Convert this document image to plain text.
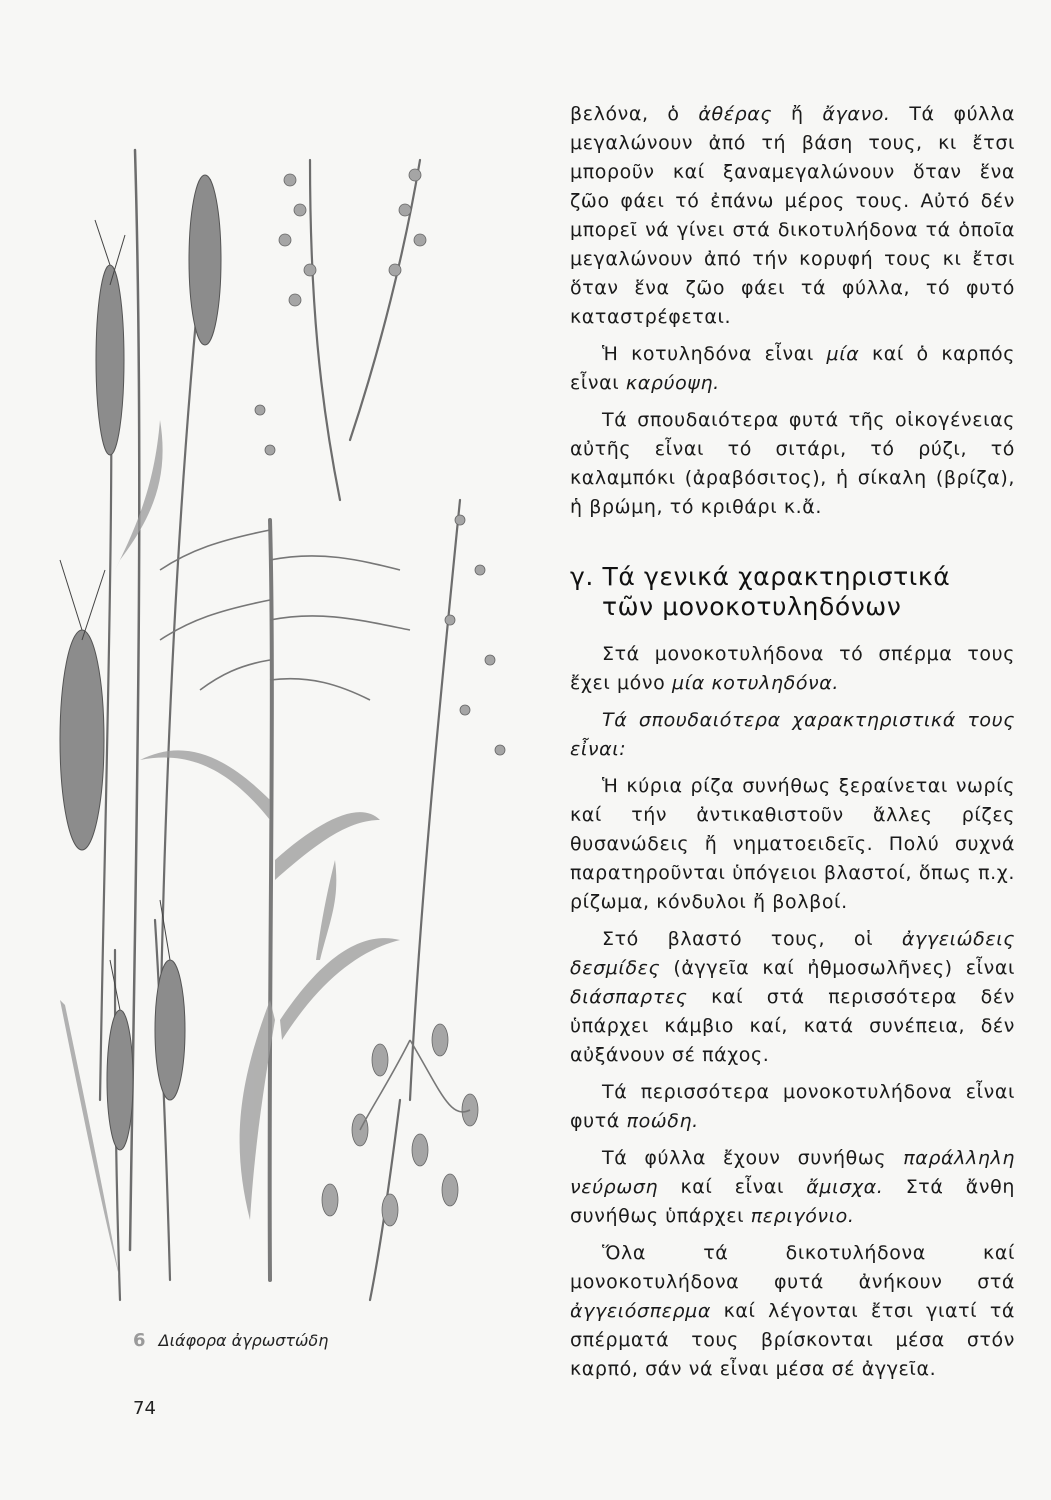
6 Διάφορα ἀγρωστώδη
74

βελόνα, ὁ ἀθέρας ἤ ἄγανο. Τά φύλλα μεγαλώνουν ἀπό τή βάση τους, κι ἔτσι μποροῦν καί ξαναμεγαλώνουν ὅταν ἕνα ζῶο φάει τό ἐπάνω μέρος τους. Αὐτό δέν μπορεῖ νά γίνει στά δικοτυλήδονα τά ὁποῖα μεγαλώνουν ἀπό τήν κορυφή τους κι ἔτσι ὅταν ἕνα ζῶο φάει τά φύλλα, τό φυτό καταστρέφεται.

Ἡ κοτυληδόνα εἶναι μία καί ὁ καρπός εἶναι καρύοψη.

Τά σπουδαιότερα φυτά τῆς οἰκογένειας αὐτῆς εἶναι τό σιτάρι, τό ρύζι, τό καλαμπόκι (ἀραβόσιτος), ἡ σίκαλη (βρίζα), ἡ βρώμη, τό κριθάρι κ.ἄ.

γ. Τά γενικά χαρακτηριστικά
τῶν μονοκοτυληδόνων

Στά μονοκοτυλήδονα τό σπέρμα τους ἔχει μόνο μία κοτυληδόνα.

Τά σπουδαιότερα χαρακτηριστικά τους εἶναι:

Ἡ κύρια ρίζα συνήθως ξεραίνεται νωρίς καί τήν ἀντικαθιστοῦν ἄλλες ρίζες θυσανώδεις ἤ νηματοειδεῖς. Πολύ συχνά παρατηροῦνται ὑπόγειοι βλαστοί, ὅπως π.χ. ρίζωμα, κόνδυλοι ἤ βολβοί.

Στό βλαστό τους, οἱ ἀγγειώδεις δεσμίδες (ἀγγεῖα καί ἠθμοσωλῆνες) εἶναι διάσπαρτες καί στά περισσότερα δέν ὑπάρχει κάμβιο καί, κατά συνέπεια, δέν αὐξάνουν σέ πάχος.

Τά περισσότερα μονοκοτυλήδονα εἶναι φυτά ποώδη.

Τά φύλλα ἔχουν συνήθως παράλληλη νεύρωση καί εἶναι ἄμισχα. Στά ἄνθη συνήθως ὑπάρχει περιγόνιο.

Ὅλα τά δικοτυλήδονα καί μονοκοτυλήδονα φυτά ἀνήκουν στά ἀγγειόσπερμα καί λέγονται ἔτσι γιατί τά σπέρματά τους βρίσκονται μέσα στόν καρπό, σάν νά εἶναι μέσα σέ ἀγγεῖα.
